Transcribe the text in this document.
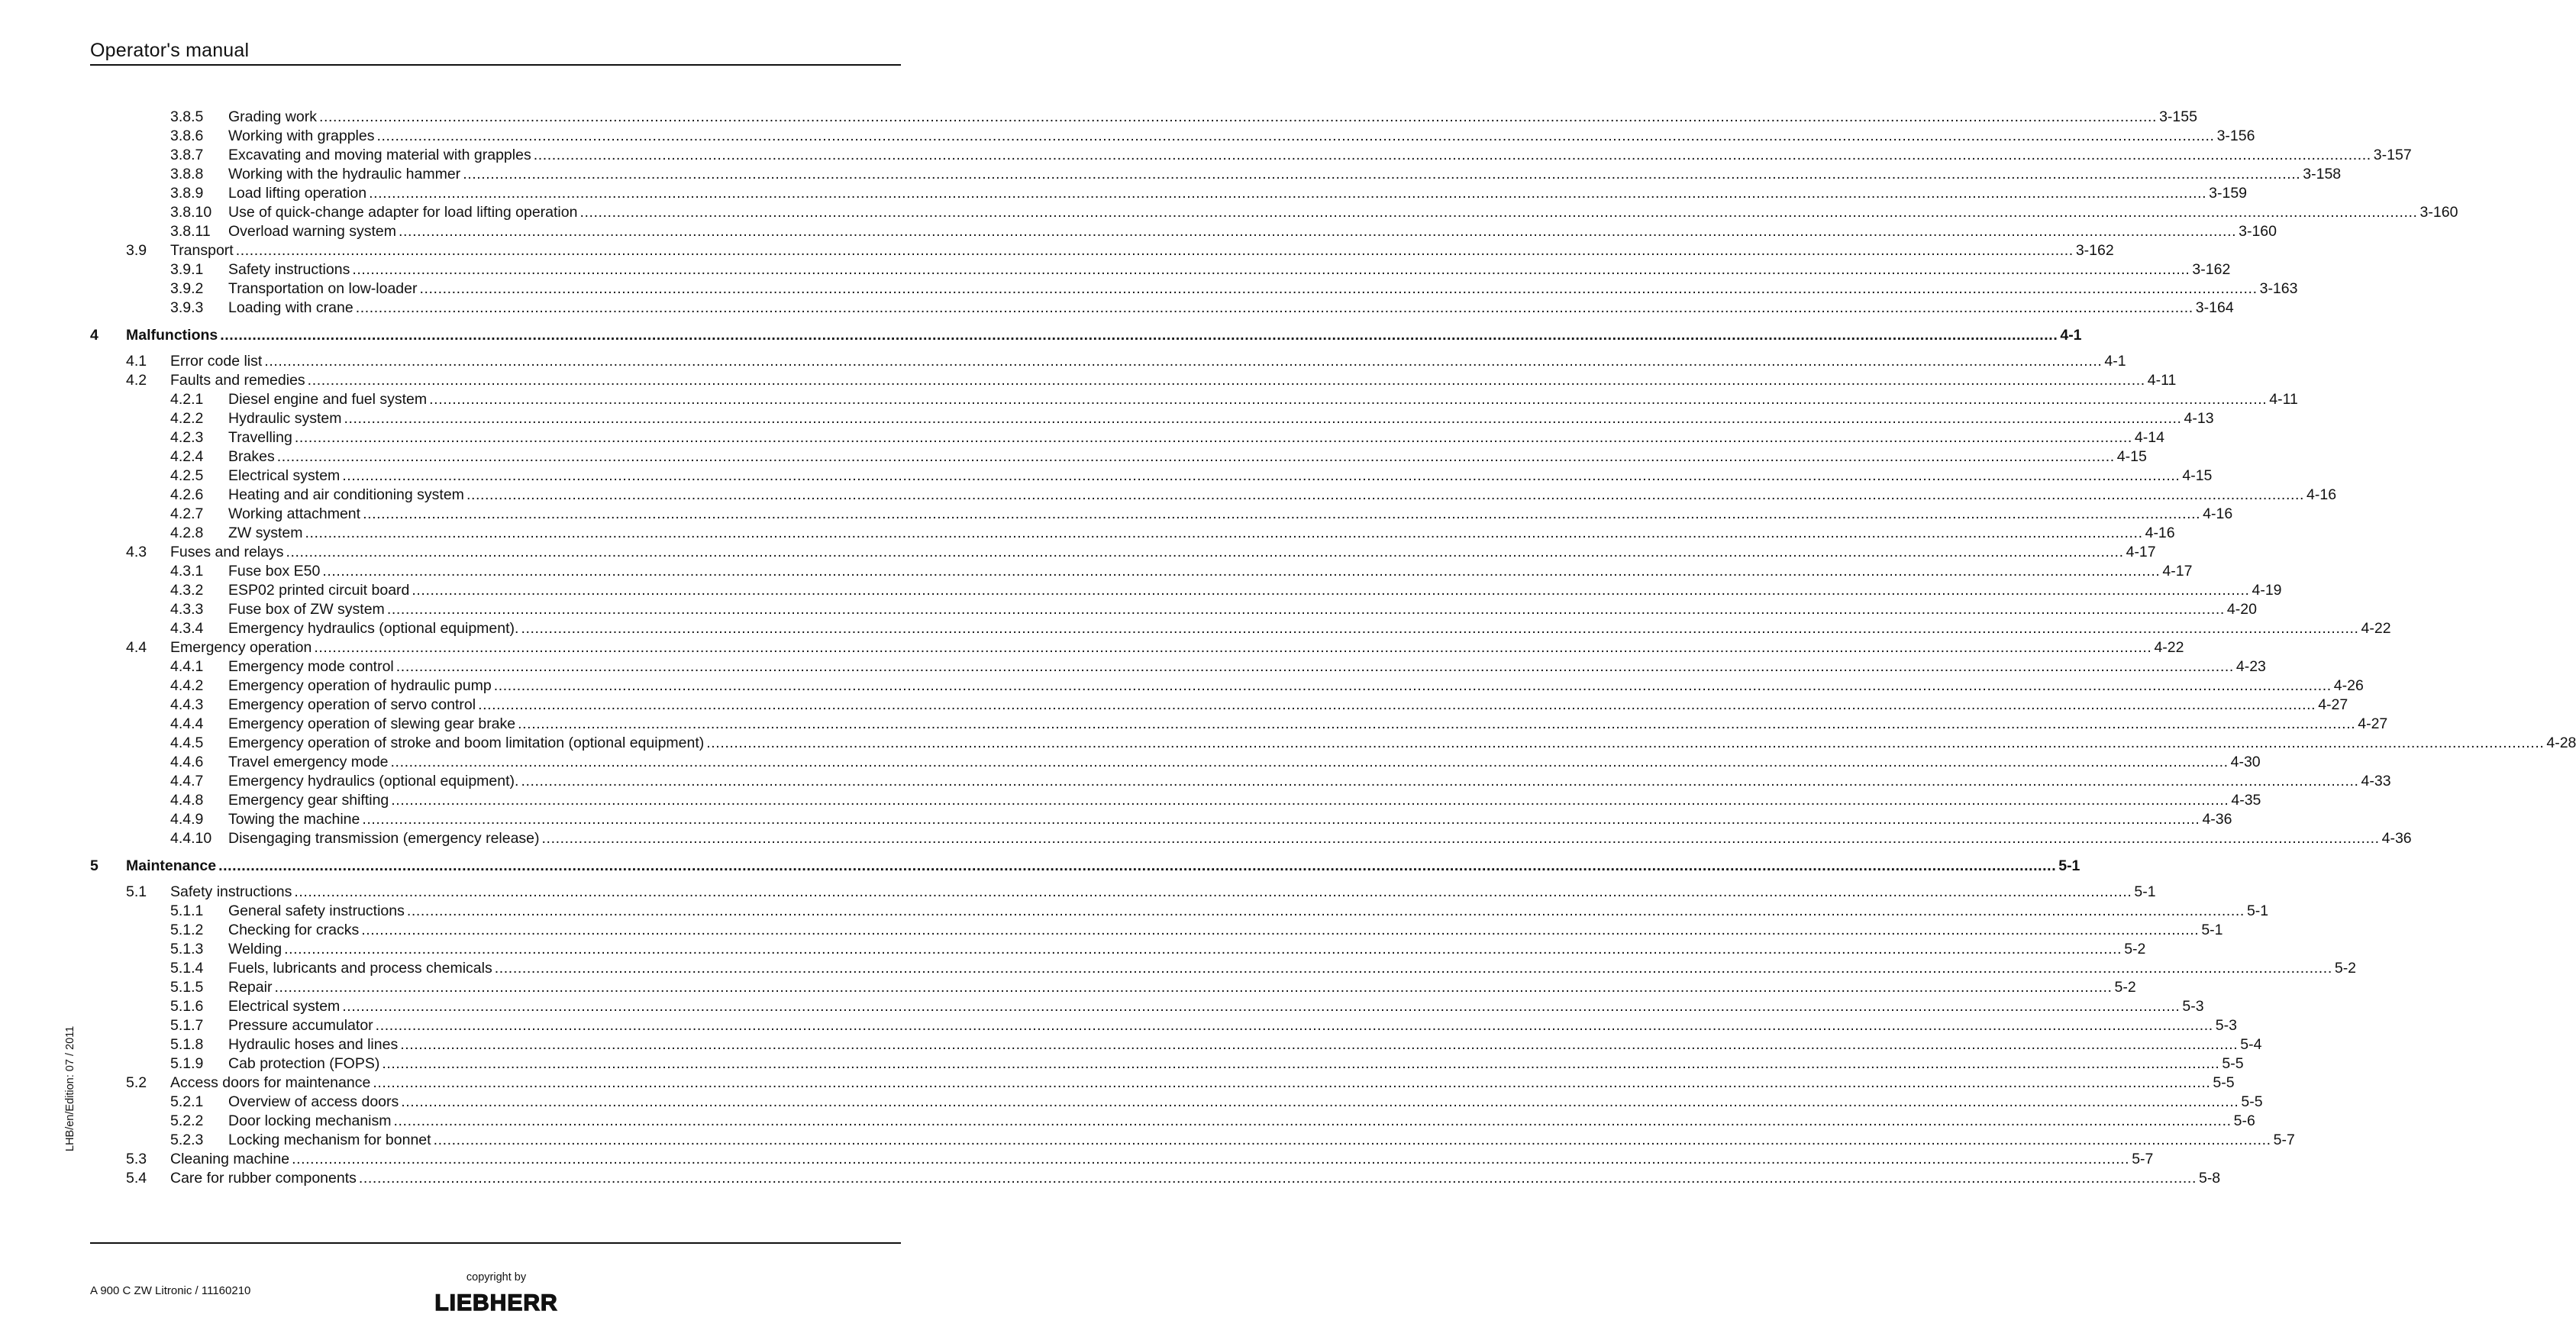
Operator's manual
3.8.5 Grading work ................................................................................................................................................................................................................................................................................................................................................................................................................ 3-155
3.8.6 Working with grapples ................................................................................................................................................................................................................................................................................................................................................................................................................ 3-156
3.8.7 Excavating and moving material with grapples ................................................................................................................................................................................................................................................................................................................................................................................................................ 3-157
3.8.8 Working with the hydraulic hammer ................................................................................................................................................................................................................................................................................................................................................................................................................ 3-158
3.8.9 Load lifting operation ................................................................................................................................................................................................................................................................................................................................................................................................................ 3-159
3.8.10 Use of quick-change adapter for load lifting operation ................................................................................................................................................................................................................................................................................................................................................................................................................ 3-160
3.8.11 Overload warning system ................................................................................................................................................................................................................................................................................................................................................................................................................ 3-160
3.9 Transport ................................................................................................................................................................................................................................................................................................................................................................................................................ 3-162
3.9.1 Safety instructions ................................................................................................................................................................................................................................................................................................................................................................................................................ 3-162
3.9.2 Transportation on low-loader ................................................................................................................................................................................................................................................................................................................................................................................................................ 3-163
3.9.3 Loading with crane ................................................................................................................................................................................................................................................................................................................................................................................................................ 3-164
4 Malfunctions ................................................................................................................................................................................................................................................................................................................................................................................................................ 4-1
4.1 Error code list ................................................................................................................................................................................................................................................................................................................................................................................................................ 4-1
4.2 Faults and remedies ................................................................................................................................................................................................................................................................................................................................................................................................................ 4-11
4.2.1 Diesel engine and fuel system ................................................................................................................................................................................................................................................................................................................................................................................................................ 4-11
4.2.2 Hydraulic system ................................................................................................................................................................................................................................................................................................................................................................................................................ 4-13
4.2.3 Travelling ................................................................................................................................................................................................................................................................................................................................................................................................................ 4-14
4.2.4 Brakes ................................................................................................................................................................................................................................................................................................................................................................................................................ 4-15
4.2.5 Electrical system ................................................................................................................................................................................................................................................................................................................................................................................................................ 4-15
4.2.6 Heating and air conditioning system ................................................................................................................................................................................................................................................................................................................................................................................................................ 4-16
4.2.7 Working attachment ................................................................................................................................................................................................................................................................................................................................................................................................................ 4-16
4.2.8 ZW system ................................................................................................................................................................................................................................................................................................................................................................................................................ 4-16
4.3 Fuses and relays ................................................................................................................................................................................................................................................................................................................................................................................................................ 4-17
4.3.1 Fuse box E50 ................................................................................................................................................................................................................................................................................................................................................................................................................ 4-17
4.3.2 ESP02 printed circuit board ................................................................................................................................................................................................................................................................................................................................................................................................................ 4-19
4.3.3 Fuse box of ZW system ................................................................................................................................................................................................................................................................................................................................................................................................................ 4-20
4.3.4 Emergency hydraulics (optional equipment). ................................................................................................................................................................................................................................................................................................................................................................................................................ 4-22
4.4 Emergency operation ................................................................................................................................................................................................................................................................................................................................................................................................................ 4-22
4.4.1 Emergency mode control ................................................................................................................................................................................................................................................................................................................................................................................................................ 4-23
4.4.2 Emergency operation of hydraulic pump ................................................................................................................................................................................................................................................................................................................................................................................................................ 4-26
4.4.3 Emergency operation of servo control ................................................................................................................................................................................................................................................................................................................................................................................................................ 4-27
4.4.4 Emergency operation of slewing gear brake ................................................................................................................................................................................................................................................................................................................................................................................................................ 4-27
4.4.5 Emergency operation of stroke and boom limitation (optional equipment) ................................................................................................................................................................................................................................................................................................................................................................................................................ 4-28
4.4.6 Travel emergency mode ................................................................................................................................................................................................................................................................................................................................................................................................................ 4-30
4.4.7 Emergency hydraulics (optional equipment). ................................................................................................................................................................................................................................................................................................................................................................................................................ 4-33
4.4.8 Emergency gear shifting ................................................................................................................................................................................................................................................................................................................................................................................................................ 4-35
4.4.9 Towing the machine ................................................................................................................................................................................................................................................................................................................................................................................................................ 4-36
4.4.10 Disengaging transmission (emergency release) ................................................................................................................................................................................................................................................................................................................................................................................................................ 4-36
5 Maintenance ................................................................................................................................................................................................................................................................................................................................................................................................................ 5-1
5.1 Safety instructions ................................................................................................................................................................................................................................................................................................................................................................................................................ 5-1
5.1.1 General safety instructions ................................................................................................................................................................................................................................................................................................................................................................................................................ 5-1
5.1.2 Checking for cracks ................................................................................................................................................................................................................................................................................................................................................................................................................ 5-1
5.1.3 Welding ................................................................................................................................................................................................................................................................................................................................................................................................................ 5-2
5.1.4 Fuels, lubricants and process chemicals ................................................................................................................................................................................................................................................................................................................................................................................................................ 5-2
5.1.5 Repair ................................................................................................................................................................................................................................................................................................................................................................................................................ 5-2
5.1.6 Electrical system ................................................................................................................................................................................................................................................................................................................................................................................................................ 5-3
5.1.7 Pressure accumulator ................................................................................................................................................................................................................................................................................................................................................................................................................ 5-3
5.1.8 Hydraulic hoses and lines ................................................................................................................................................................................................................................................................................................................................................................................................................ 5-4
5.1.9 Cab protection (FOPS) ................................................................................................................................................................................................................................................................................................................................................................................................................ 5-5
5.2 Access doors for maintenance ................................................................................................................................................................................................................................................................................................................................................................................................................ 5-5
5.2.1 Overview of access doors ................................................................................................................................................................................................................................................................................................................................................................................................................ 5-5
5.2.2 Door locking mechanism ................................................................................................................................................................................................................................................................................................................................................................................................................ 5-6
5.2.3 Locking mechanism for bonnet ................................................................................................................................................................................................................................................................................................................................................................................................................ 5-7
5.3 Cleaning machine ................................................................................................................................................................................................................................................................................................................................................................................................................ 5-7
5.4 Care for rubber components ................................................................................................................................................................................................................................................................................................................................................................................................................ 5-8
LHB/en/Edition: 07 / 2011
A 900 C ZW Litronic / 11160210
copyright by
LIEBHERR
